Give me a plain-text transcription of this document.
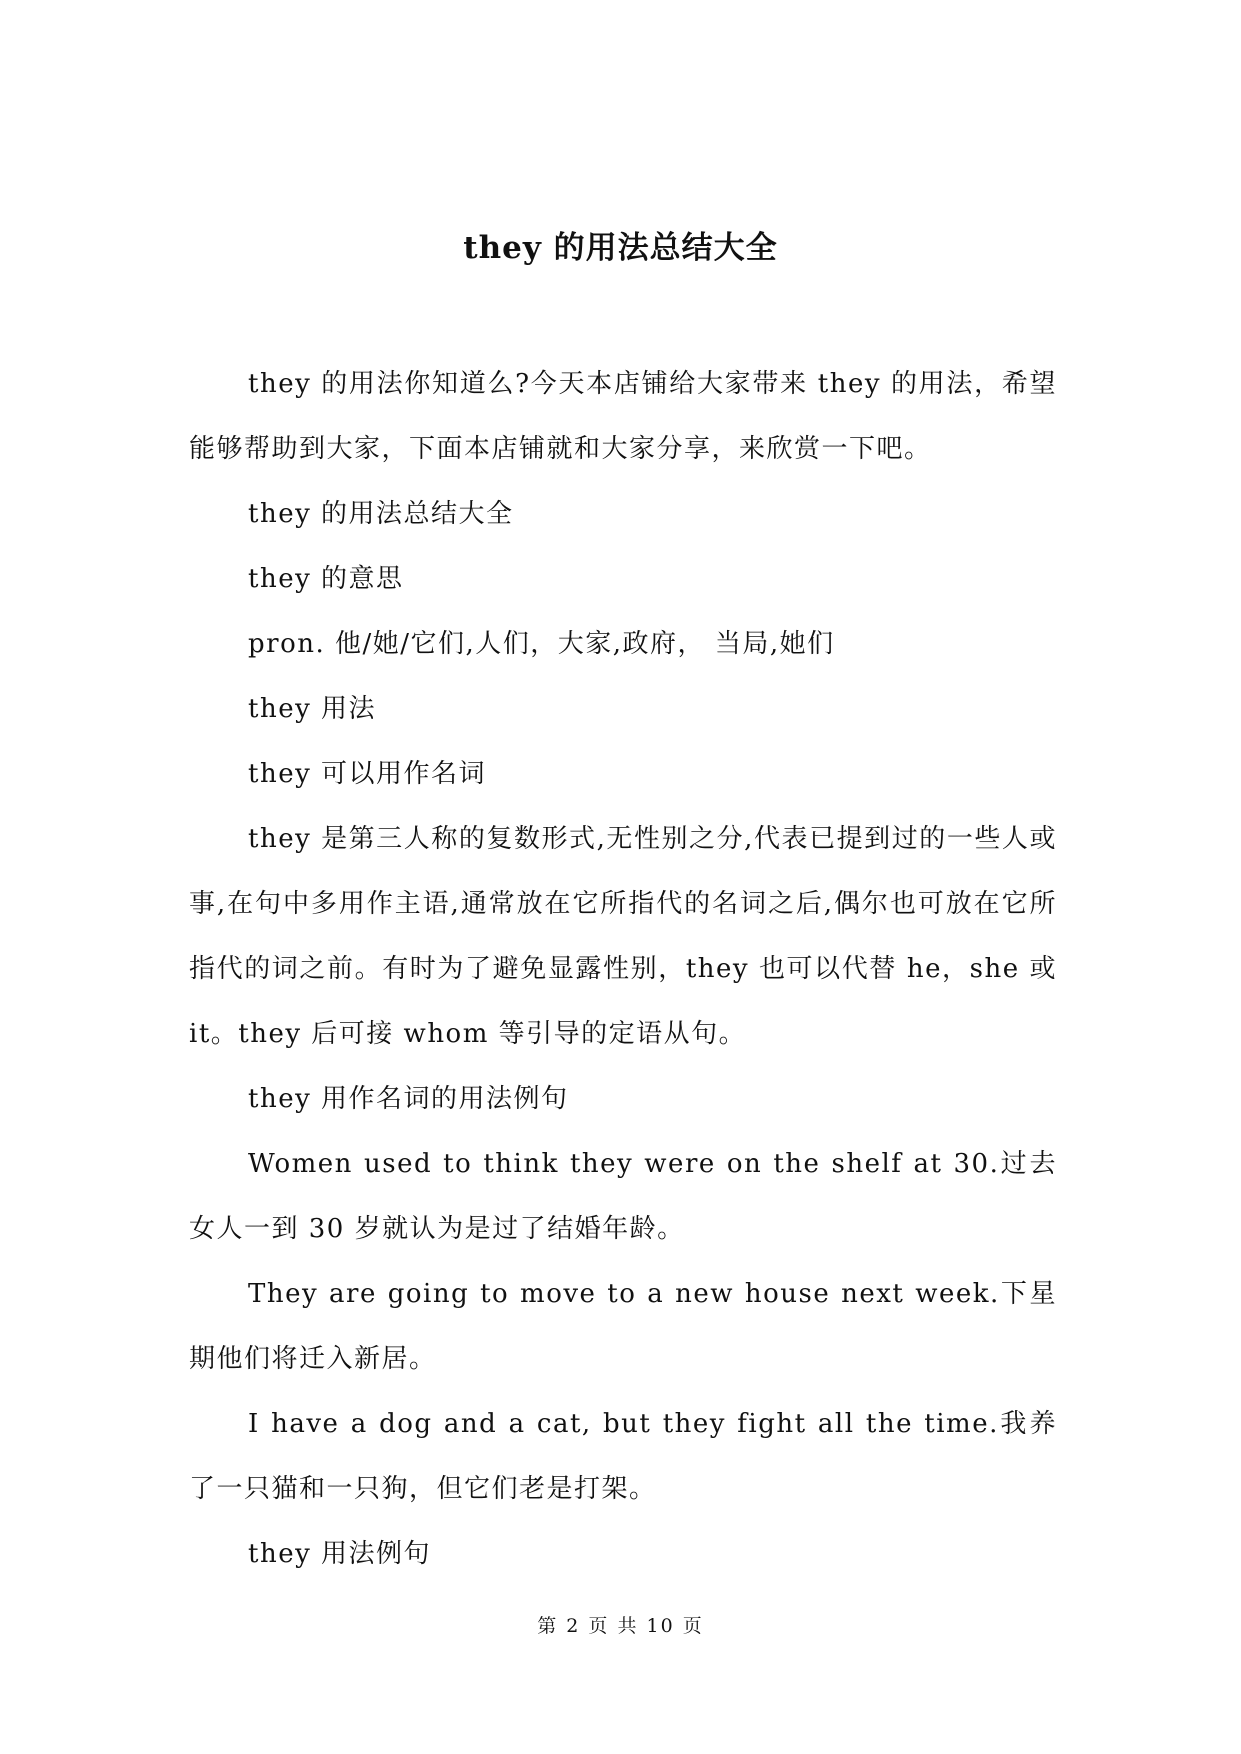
they 的用法总结大全

they 的用法你知道么?今天本店铺给大家带来 they 的用法，希望能够帮助到大家，下面本店铺就和大家分享，来欣赏一下吧。

they 的用法总结大全

they 的意思

pron. 他/她/它们,人们，大家,政府， 当局,她们

they 用法

they 可以用作名词

they 是第三人称的复数形式,无性别之分,代表已提到过的一些人或事,在句中多用作主语,通常放在它所指代的名词之后,偶尔也可放在它所指代的词之前。有时为了避免显露性别，they 也可以代替 he，she 或 it。they 后可接 whom 等引导的定语从句。

they 用作名词的用法例句

Women used to think they were on the shelf at 30.过去女人一到 30 岁就认为是过了结婚年龄。

They are going to move to a new house next week.下星期他们将迁入新居。

I have a dog and a cat, but they fight all the time.我养了一只猫和一只狗，但它们老是打架。

they 用法例句

第 2 页 共 10 页
